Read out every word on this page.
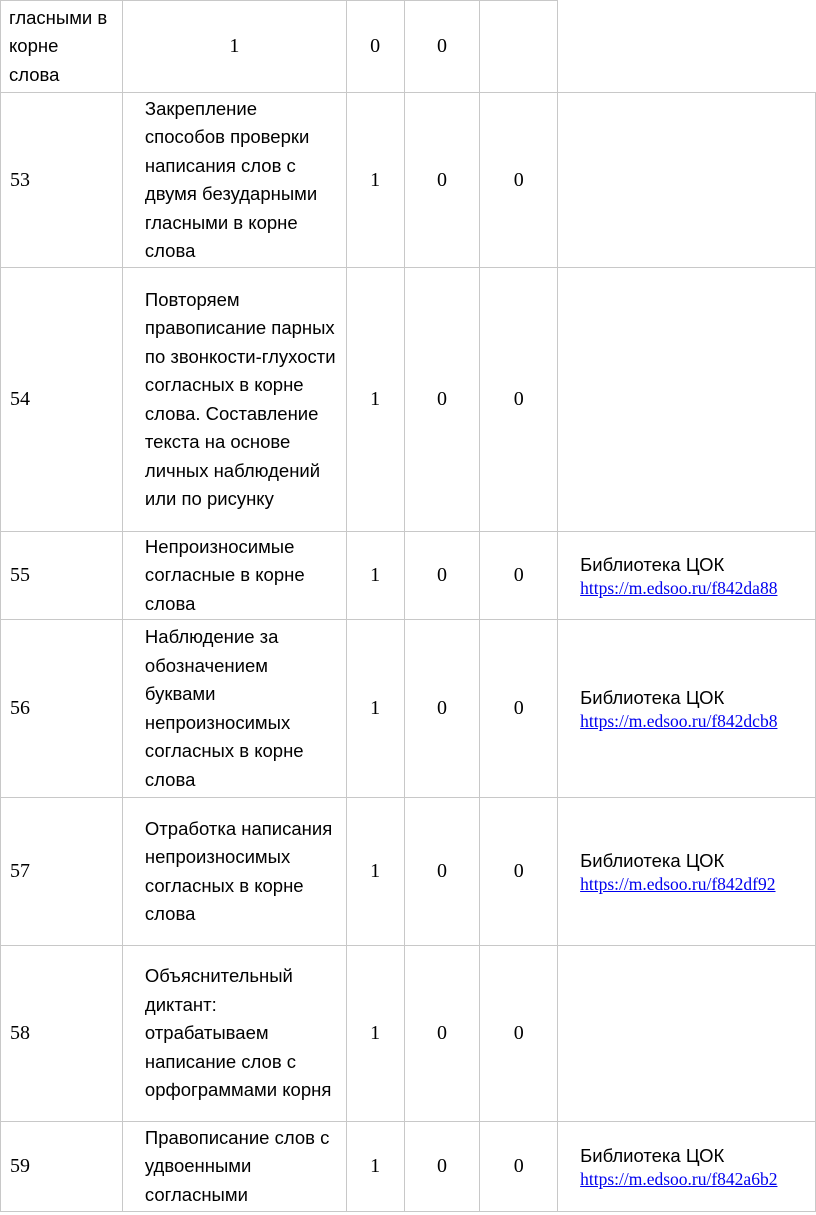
гласными в корне слова	1	0	0		
53	Закрепление способов проверки написания слов с двумя безударными гласными в корне слова	1	0	0	
54	Повторяем правописание парных по звонкости-глухости согласных в корне слова. Составление текста на основе личных наблюдений или по рисунку	1	0	0	
55	Непроизносимые согласные в корне слова	1	0	0	Библиотека ЦОК
https://m.edsoo.ru/f842da88

56	Наблюдение за обозначением буквами непроизносимых согласных в корне слова	1	0	0	Библиотека ЦОК
https://m.edsoo.ru/f842dcb8

57	Отработка написания непроизносимых согласных в корне слова	1	0	0	Библиотека ЦОК
https://m.edsoo.ru/f842df92

58	Объяснительный диктант: отрабатываем написание слов с орфограммами корня	1	0	0	
59	Правописание слов с удвоенными согласными	1	0	0	Библиотека ЦОК
https://m.edsoo.ru/f842a6b2
